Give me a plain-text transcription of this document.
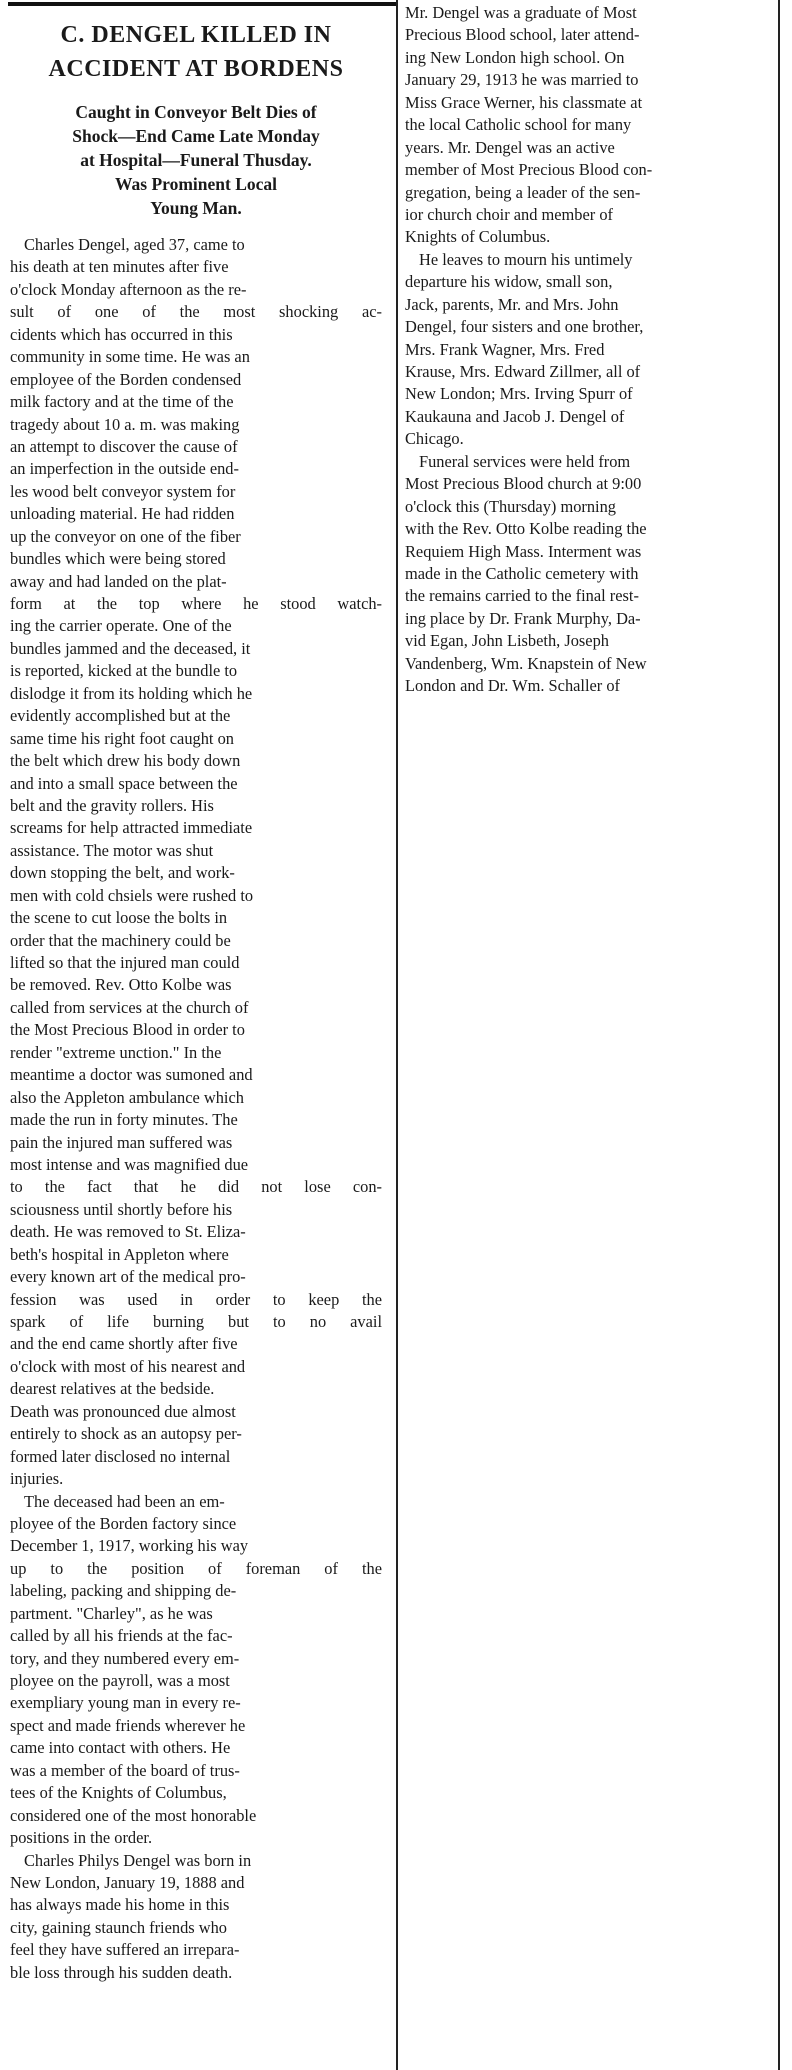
C. DENGEL KILLED IN
ACCIDENT AT BORDENS
Caught in Conveyor Belt Dies of
Shock—End Came Late Monday
at Hospital—Funeral Thusday.
Was Prominent Local
Young Man.
Charles Dengel, aged 37, came to
his death at ten minutes after five
o'clock Monday afternoon as the re-
sult of one of the most shocking ac-
cidents which has occurred in this
community in some time. He was an
employee of the Borden condensed
milk factory and at the time of the
tragedy about 10 a. m. was making
an attempt to discover the cause of
an imperfection in the outside end-
les wood belt conveyor system for
unloading material. He had ridden
up the conveyor on one of the fiber
bundles which were being stored
away and had landed on the plat-
form at the top where he stood watch-
ing the carrier operate. One of the
bundles jammed and the deceased, it
is reported, kicked at the bundle to
dislodge it from its holding which he
evidently accomplished but at the
same time his right foot caught on
the belt which drew his body down
and into a small space between the
belt and the gravity rollers. His
screams for help attracted immediate
assistance. The motor was shut
down stopping the belt, and work-
men with cold chsiels were rushed to
the scene to cut loose the bolts in
order that the machinery could be
lifted so that the injured man could
be removed. Rev. Otto Kolbe was
called from services at the church of
the Most Precious Blood in order to
render "extreme unction." In the
meantime a doctor was sumoned and
also the Appleton ambulance which
made the run in forty minutes. The
pain the injured man suffered was
most intense and was magnified due
to the fact that he did not lose con-
sciousness until shortly before his
death. He was removed to St. Eliza-
beth's hospital in Appleton where
every known art of the medical pro-
fession was used in order to keep the
spark of life burning but to no avail
and the end came shortly after five
o'clock with most of his nearest and
dearest relatives at the bedside.
Death was pronounced due almost
entirely to shock as an autopsy per-
formed later disclosed no internal
injuries.
The deceased had been an em-
ployee of the Borden factory since
December 1, 1917, working his way
up to the position of foreman of the
labeling, packing and shipping de-
partment. "Charley", as he was
called by all his friends at the fac-
tory, and they numbered every em-
ployee on the payroll, was a most
exempliary young man in every re-
spect and made friends wherever he
came into contact with others. He
was a member of the board of trus-
tees of the Knights of Columbus,
considered one of the most honorable
positions in the order.
Charles Philys Dengel was born in
New London, January 19, 1888 and
has always made his home in this
city, gaining staunch friends who
feel they have suffered an irrepara-
ble loss through his sudden death.
Mr. Dengel was a graduate of Most
Precious Blood school, later attend-
ing New London high school. On
January 29, 1913 he was married to
Miss Grace Werner, his classmate at
the local Catholic school for many
years. Mr. Dengel was an active
member of Most Precious Blood con-
gregation, being a leader of the sen-
ior church choir and member of
Knights of Columbus.
He leaves to mourn his untimely
departure his widow, small son,
Jack, parents, Mr. and Mrs. John
Dengel, four sisters and one brother,
Mrs. Frank Wagner, Mrs. Fred
Krause, Mrs. Edward Zillmer, all of
New London; Mrs. Irving Spurr of
Kaukauna and Jacob J. Dengel of
Chicago.
Funeral services were held from
Most Precious Blood church at 9:00
o'clock this (Thursday) morning
with the Rev. Otto Kolbe reading the
Requiem High Mass. Interment was
made in the Catholic cemetery with
the remains carried to the final rest-
ing place by Dr. Frank Murphy, Da-
vid Egan, John Lisbeth, Joseph
Vandenberg, Wm. Knapstein of New
London and Dr. Wm. Schaller of
